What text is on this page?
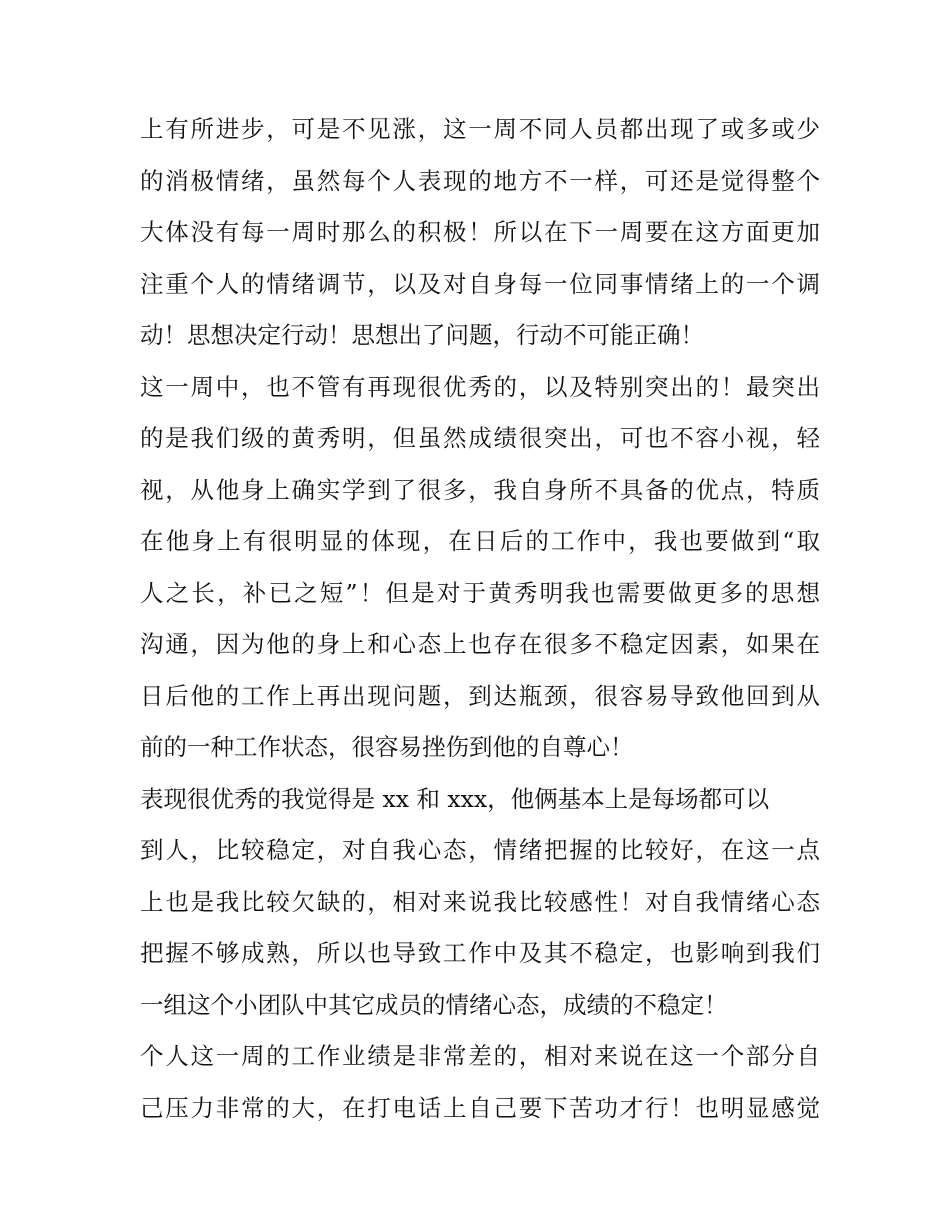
上有所进步，可是不见涨，这一周不同人员都出现了或多或少
的消极情绪，虽然每个人表现的地方不一样，可还是觉得整个
大体没有每一周时那么的积极！所以在下一周要在这方面更加
注重个人的情绪调节，以及对自身每一位同事情绪上的一个调
动！思想决定行动！思想出了问题，行动不可能正确！
这一周中，也不管有再现很优秀的，以及特别突出的！最突出
的是我们级的黄秀明，但虽然成绩很突出，可也不容小视，轻
视，从他身上确实学到了很多，我自身所不具备的优点，特质
在他身上有很明显的体现，在日后的工作中，我也要做到“取
人之长，补已之短”！但是对于黄秀明我也需要做更多的思想
沟通，因为他的身上和心态上也存在很多不稳定因素，如果在
日后他的工作上再出现问题，到达瓶颈，很容易导致他回到从
前的一种工作状态，很容易挫伤到他的自尊心！
表现很优秀的我觉得是 xx 和 xxx，他俩基本上是每场都可以
到人，比较稳定，对自我心态，情绪把握的比较好，在这一点
上也是我比较欠缺的，相对来说我比较感性！对自我情绪心态
把握不够成熟，所以也导致工作中及其不稳定，也影响到我们
一组这个小团队中其它成员的情绪心态，成绩的不稳定！
个人这一周的工作业绩是非常差的，相对来说在这一个部分自
己压力非常的大，在打电话上自己要下苦功才行！也明显感觉
